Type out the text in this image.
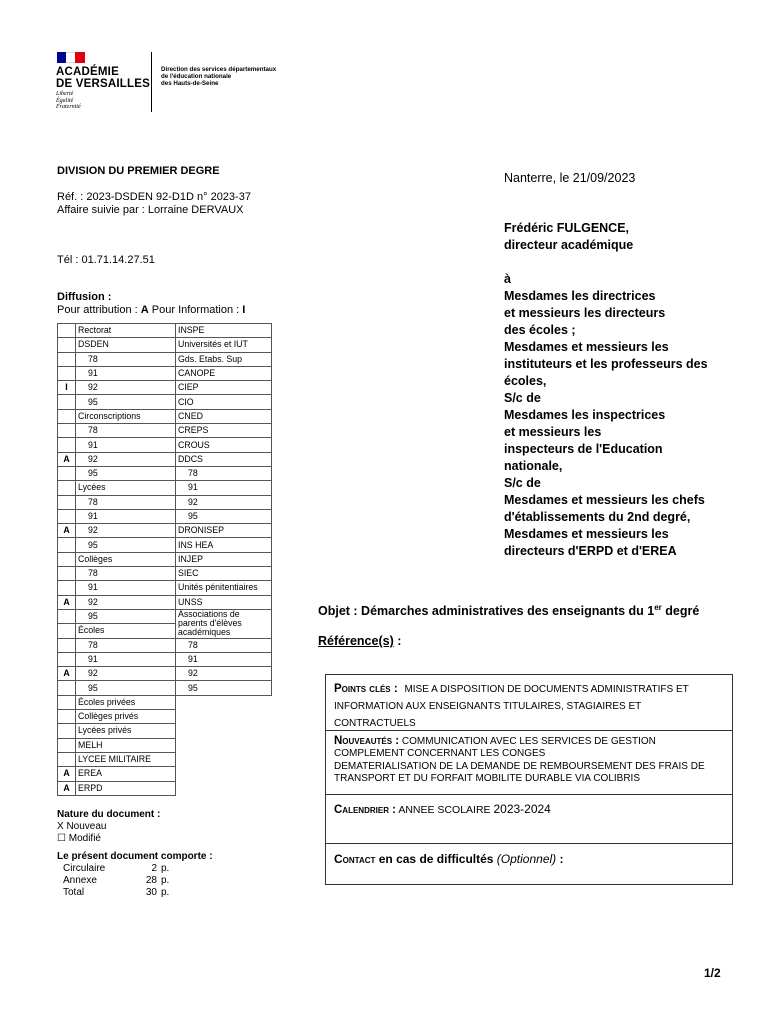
ACADÉMIE
DE VERSAILLES
Liberté
Égalité
Fraternité
Direction des services départementaux
de l'éducation nationale
des Hauts-de-Seine
DIVISION DU PREMIER DEGRE
Réf. : 2023-DSDEN 92-D1D n° 2023-37
Affaire suivie par : Lorraine DERVAUX
Tél : 01.71.14.27.51
Diffusion :
Pour attribution : A Pour Information : I
	Rectorat	INSPE
	DSDEN	Universités et IUT
	78	Gds. Etabs. Sup
	91	CANOPE
I	92	CIEP
	95	CIO
	Circonscriptions	CNED
	78	CREPS
	91	CROUS
A	92	DDCS
	95	78
	Lycées	91
	78	92
	91	95
A	92	DRONISEP
	95	INS HEA
	Collèges	INJEP
	78	SIEC
	91	Unités pénitentiaires
A	92	UNSS
	95	Associations de parents d'élèves académiques
	Écoles	
	78	78
	91	91
A	92	92
	95	95
	Écoles privées	
	Collèges privés	
	Lycées privés	
	MELH	
	LYCEE MILITAIRE	
A	EREA	
A	ERPD	
Nature du document :
X Nouveau
☐ Modifié
Le présent document comporte :
Circulaire	2 p.
Annexe	28 p.
Total	30 p.
Nanterre, le 21/09/2023
Frédéric FULGENCE,
directeur académique
à
Mesdames les directrices
et messieurs les directeurs
des écoles ;
Mesdames et messieurs les
instituteurs et les professeurs des
écoles,
S/c de
Mesdames les inspectrices
et messieurs les
inspecteurs de l'Education
nationale,
S/c de
Mesdames et messieurs les chefs
d'établissements du 2nd degré,
Mesdames et messieurs les
directeurs d'ERPD et d'EREA
Objet : Démarches administratives des enseignants du 1er degré
Référence(s) :
Points clés : MISE A DISPOSITION DE DOCUMENTS ADMINISTRATIFS ET INFORMATION AUX ENSEIGNANTS TITULAIRES, STAGIAIRES ET CONTRACTUELS
Nouveautés : COMMUNICATION AVEC LES SERVICES DE GESTION COMPLEMENT CONCERNANT LES CONGES
DEMATERIALISATION DE LA DEMANDE DE REMBOURSEMENT DES FRAIS DE TRANSPORT ET DU FORFAIT MOBILITE DURABLE VIA COLIBRIS
Calendrier : ANNEE SCOLAIRE 2023-2024
Contact en cas de difficultés (Optionnel) :
1/2
